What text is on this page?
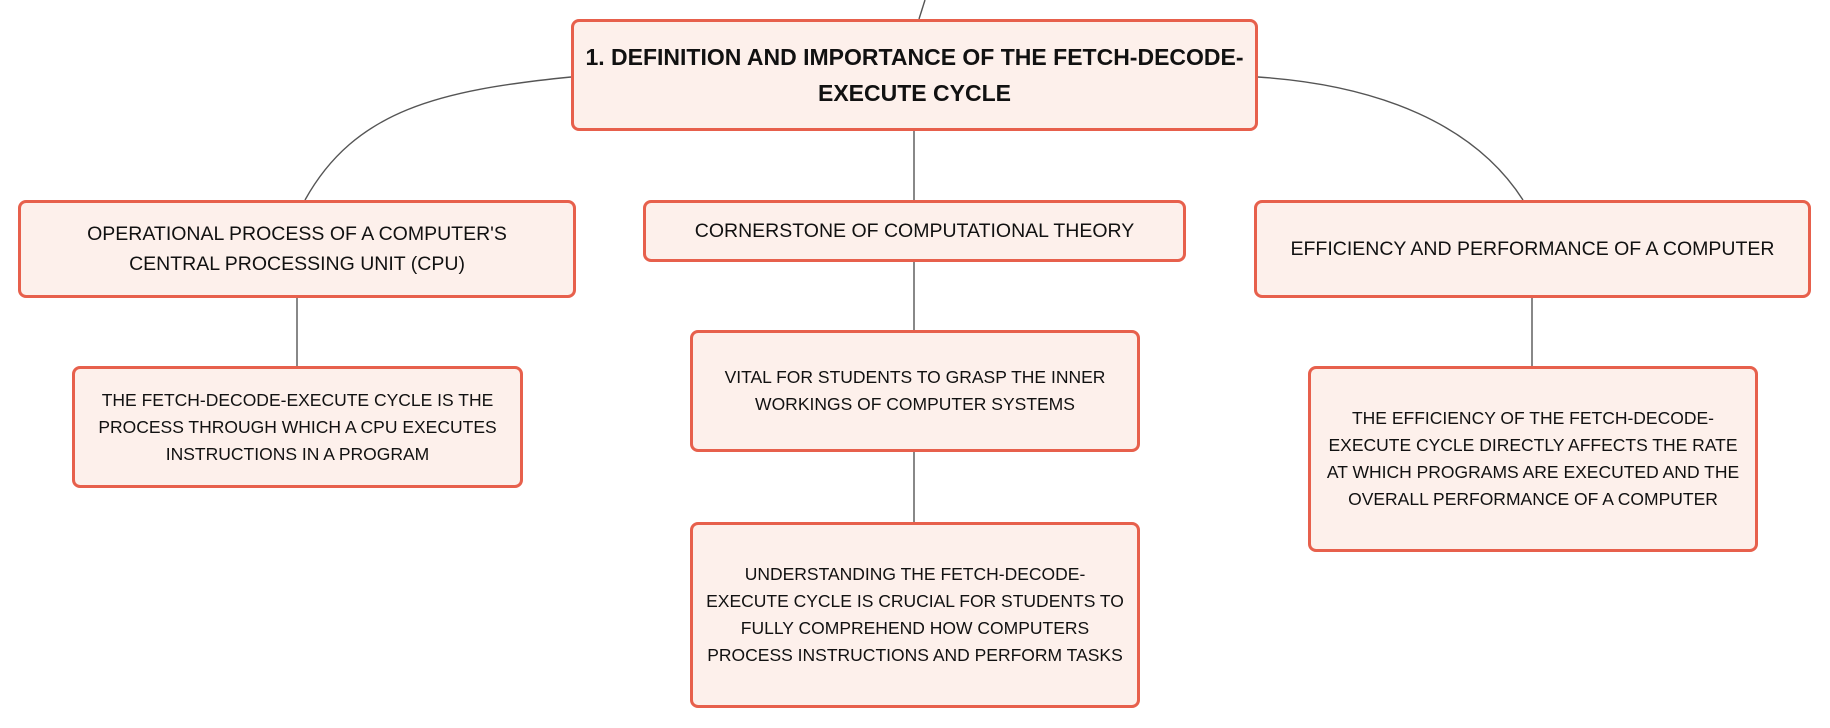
1. DEFINITION AND IMPORTANCE OF THE FETCH-DECODE-EXECUTE CYCLE
OPERATIONAL PROCESS OF A COMPUTER'S CENTRAL PROCESSING UNIT (CPU)
CORNERSTONE OF COMPUTATIONAL THEORY
EFFICIENCY AND PERFORMANCE OF A COMPUTER
THE FETCH-DECODE-EXECUTE CYCLE IS THE PROCESS THROUGH WHICH A CPU EXECUTES INSTRUCTIONS IN A PROGRAM
VITAL FOR STUDENTS TO GRASP THE INNER WORKINGS OF COMPUTER SYSTEMS
UNDERSTANDING THE FETCH-DECODE-EXECUTE CYCLE IS CRUCIAL FOR STUDENTS TO FULLY COMPREHEND HOW COMPUTERS PROCESS INSTRUCTIONS AND PERFORM TASKS
THE EFFICIENCY OF THE FETCH-DECODE-EXECUTE CYCLE DIRECTLY AFFECTS THE RATE AT WHICH PROGRAMS ARE EXECUTED AND THE OVERALL PERFORMANCE OF A COMPUTER
